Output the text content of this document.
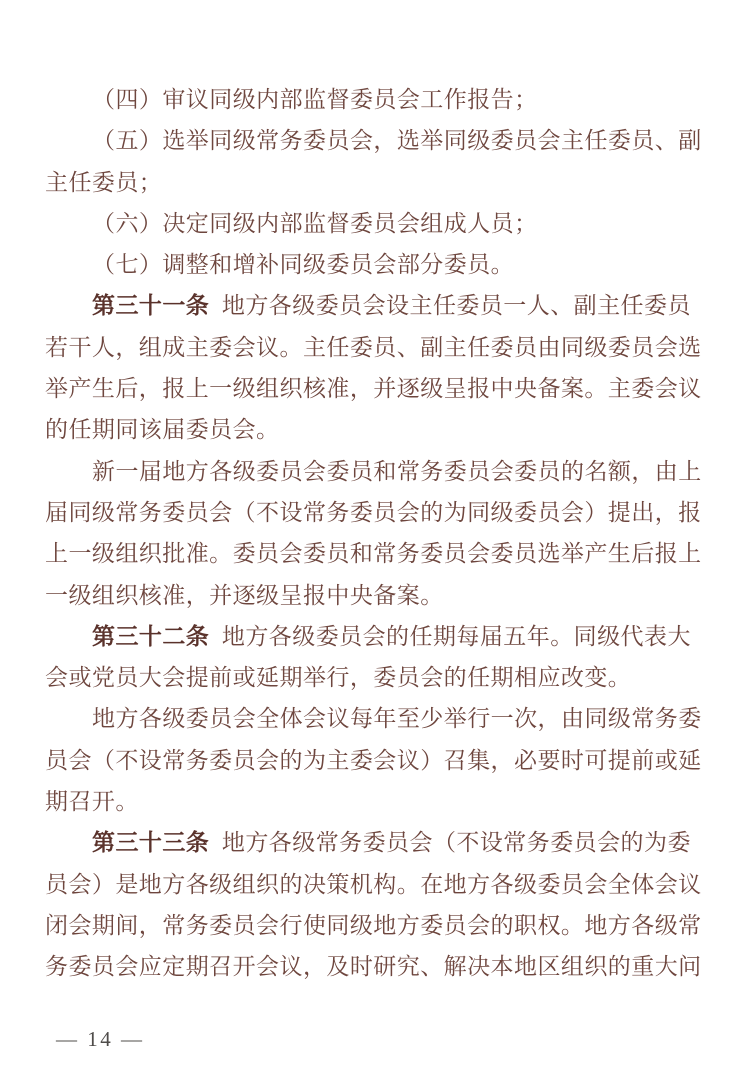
（四）审议同级内部监督委员会工作报告；
（五）选举同级常务委员会，选举同级委员会主任委员、副
主任委员；
（六）决定同级内部监督委员会组成人员；
（七）调整和增补同级委员会部分委员。
第三十一条 地方各级委员会设主任委员一人、副主任委员
若干人，组成主委会议。主任委员、副主任委员由同级委员会选
举产生后，报上一级组织核准，并逐级呈报中央备案。主委会议
的任期同该届委员会。
新一届地方各级委员会委员和常务委员会委员的名额，由上
届同级常务委员会（不设常务委员会的为同级委员会）提出，报
上一级组织批准。委员会委员和常务委员会委员选举产生后报上
一级组织核准，并逐级呈报中央备案。
第三十二条 地方各级委员会的任期每届五年。同级代表大
会或党员大会提前或延期举行，委员会的任期相应改变。
地方各级委员会全体会议每年至少举行一次，由同级常务委
员会（不设常务委员会的为主委会议）召集，必要时可提前或延
期召开。
第三十三条 地方各级常务委员会（不设常务委员会的为委
员会）是地方各级组织的决策机构。在地方各级委员会全体会议
闭会期间，常务委员会行使同级地方委员会的职权。地方各级常
务委员会应定期召开会议，及时研究、解决本地区组织的重大问
— 14 —
